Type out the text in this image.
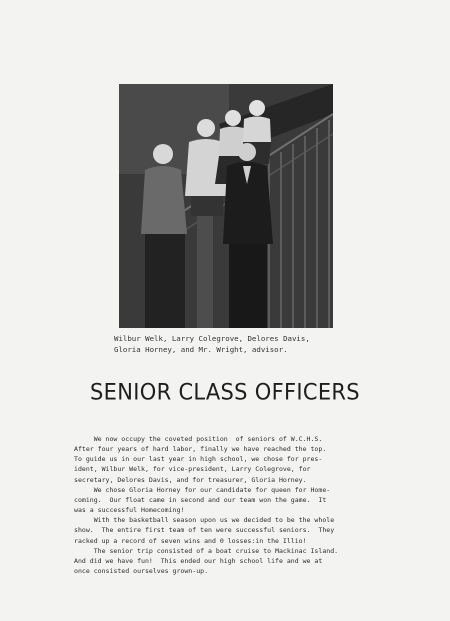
Wilbur Welk, Larry Colegrove, Delores Davis,
Gloria Horney, and Mr. Wright, advisor.

SENIOR CLASS OFFICERS

We now occupy the coveted position  of seniors of W.C.H.S.
After four years of hard labor, finally we have reached the top.
To guide us in our last year in high school, we chose for pres-
ident, Wilbur Welk, for vice-president, Larry Colegrove, for
secretary, Delores Davis, and for treasurer, Gloria Horney.
We chose Gloria Horney for our candidate for queen for Home-
coming.  Our float came in second and our team won the game.  It
was a successful Homecoming!
With the basketball season upon us we decided to be the whole
show.  The entire first team of ten were successful seniors.  They
racked up a record of seven wins and 0 losses:in the Illio!
The senior trip consisted of a boat cruise to Mackinac Island.
And did we have fun!  This ended our high school life and we at
once consisted ourselves grown-up.
